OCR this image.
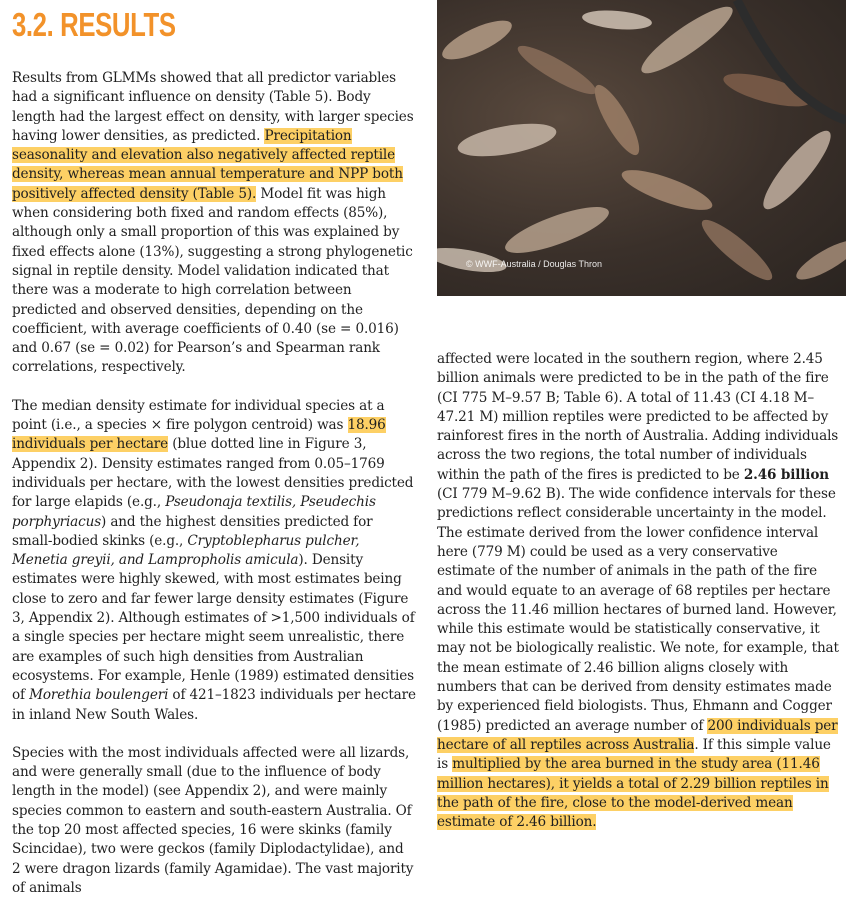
3.2. RESULTS
© WWF-Australia / Douglas Thron

Results from GLMMs showed that all predictor variables had a significant influence on density (Table 5). Body length had the largest effect on density, with larger species having lower densities, as predicted. Precipitation seasonality and elevation also negatively affected reptile density, whereas mean annual temperature and NPP both positively affected density (Table 5). Model fit was high when considering both fixed and random effects (85%), although only a small proportion of this was explained by fixed effects alone (13%), suggesting a strong phylogenetic signal in reptile density. Model validation indicated that there was a moderate to high correlation between predicted and observed densities, depending on the coefficient, with average coefficients of 0.40 (se = 0.016) and 0.67 (se = 0.02) for Pearson’s and Spearman rank correlations, respectively.

The median density estimate for individual species at a point (i.e., a species × fire polygon centroid) was 18.96 individuals per hectare (blue dotted line in Figure 3, Appendix 2). Density estimates ranged from 0.05–1769 individuals per hectare, with the lowest densities predicted for large elapids (e.g., Pseudonaja textilis, Pseudechis porphyriacus) and the highest densities predicted for small-bodied skinks (e.g., Cryptoblepharus pulcher, Menetia greyii, and Lampropholis amicula). Density estimates were highly skewed, with most estimates being close to zero and far fewer large density estimates (Figure 3, Appendix 2). Although estimates of >1,500 individuals of a single species per hectare might seem unrealistic, there are examples of such high densities from Australian ecosystems. For example, Henle (1989) estimated densities of Morethia boulengeri of 421–1823 individuals per hectare in inland New South Wales.

Species with the most individuals affected were all lizards, and were generally small (due to the influence of body length in the model) (see Appendix 2), and were mainly species common to eastern and south-eastern Australia. Of the top 20 most affected species, 16 were skinks (family Scincidae), two were geckos (family Diplodactylidae), and 2 were dragon lizards (family Agamidae). The vast majority of animals

affected were located in the southern region, where 2.45 billion animals were predicted to be in the path of the fire (CI 775 M–9.57 B; Table 6). A total of 11.43 (CI 4.18 M–47.21 M) million reptiles were predicted to be affected by rainforest fires in the north of Australia. Adding individuals across the two regions, the total number of individuals within the path of the fires is predicted to be 2.46 billion (CI 779 M–9.62 B). The wide confidence intervals for these predictions reflect considerable uncertainty in the model. The estimate derived from the lower confidence interval here (779 M) could be used as a very conservative estimate of the number of animals in the path of the fire and would equate to an average of 68 reptiles per hectare across the 11.46 million hectares of burned land. However, while this estimate would be statistically conservative, it may not be biologically realistic. We note, for example, that the mean estimate of 2.46 billion aligns closely with numbers that can be derived from density estimates made by experienced field biologists. Thus, Ehmann and Cogger (1985) predicted an average number of 200 individuals per hectare of all reptiles across Australia. If this simple value is multiplied by the area burned in the study area (11.46 million hectares), it yields a total of 2.29 billion reptiles in the path of the fire, close to the model-derived mean estimate of 2.46 billion.
